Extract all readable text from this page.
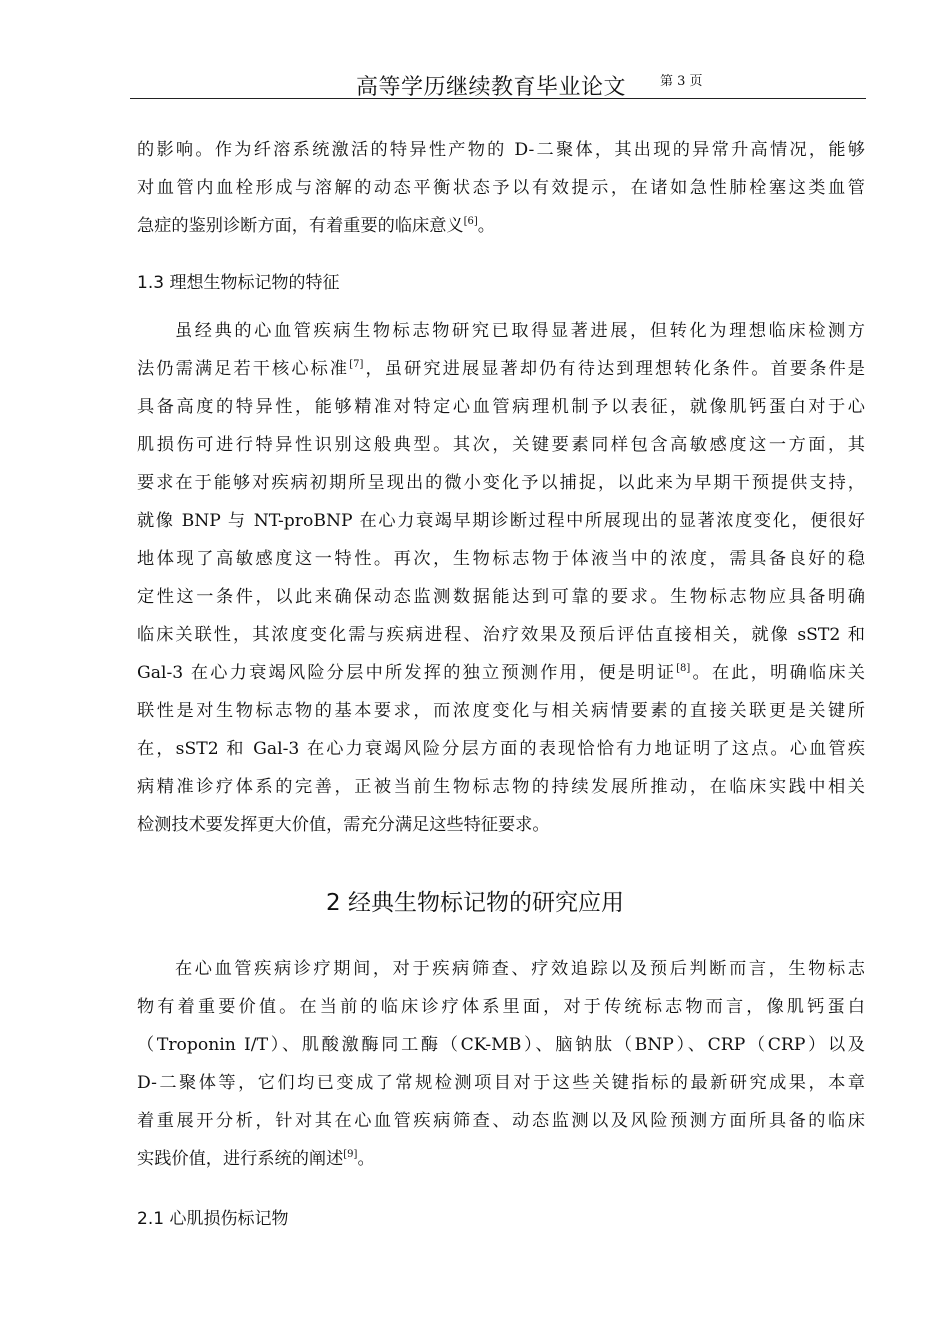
高等学历继续教育毕业论文	第 3 页

的影响。作为纤溶系统激活的特异性产物的 D-二聚体，其出现的异常升高情况，能够
对血管内血栓形成与溶解的动态平衡状态予以有效提示，在诸如急性肺栓塞这类血管
急症的鉴别诊断方面，有着重要的临床意义[6]。

1.3 理想生物标记物的特征

虽经典的心血管疾病生物标志物研究已取得显著进展，但转化为理想临床检测方
法仍需满足若干核心标准[7]，虽研究进展显著却仍有待达到理想转化条件。首要条件是
具备高度的特异性，能够精准对特定心血管病理机制予以表征，就像肌钙蛋白对于心
肌损伤可进行特异性识别这般典型。其次，关键要素同样包含高敏感度这一方面，其
要求在于能够对疾病初期所呈现出的微小变化予以捕捉，以此来为早期干预提供支持，
就像 BNP 与 NT-proBNP 在心力衰竭早期诊断过程中所展现出的显著浓度变化，便很好
地体现了高敏感度这一特性。再次，生物标志物于体液当中的浓度，需具备良好的稳
定性这一条件，以此来确保动态监测数据能达到可靠的要求。生物标志物应具备明确
临床关联性，其浓度变化需与疾病进程、治疗效果及预后评估直接相关，就像 sST2 和
Gal-3 在心力衰竭风险分层中所发挥的独立预测作用，便是明证[8]。在此，明确临床关
联性是对生物标志物的基本要求，而浓度变化与相关病情要素的直接关联更是关键所
在，sST2 和 Gal-3 在心力衰竭风险分层方面的表现恰恰有力地证明了这点。心血管疾
病精准诊疗体系的完善，正被当前生物标志物的持续发展所推动，在临床实践中相关
检测技术要发挥更大价值，需充分满足这些特征要求。

2 经典生物标记物的研究应用

在心血管疾病诊疗期间，对于疾病筛查、疗效追踪以及预后判断而言，生物标志
物有着重要价值。在当前的临床诊疗体系里面，对于传统标志物而言，像肌钙蛋白
（Troponin I/T）、肌酸激酶同工酶（CK-MB）、脑钠肽（BNP）、CRP（CRP）以及
D-二聚体等，它们均已变成了常规检测项目对于这些关键指标的最新研究成果，本章
着重展开分析，针对其在心血管疾病筛查、动态监测以及风险预测方面所具备的临床
实践价值，进行系统的阐述[9]。

2.1 心肌损伤标记物
